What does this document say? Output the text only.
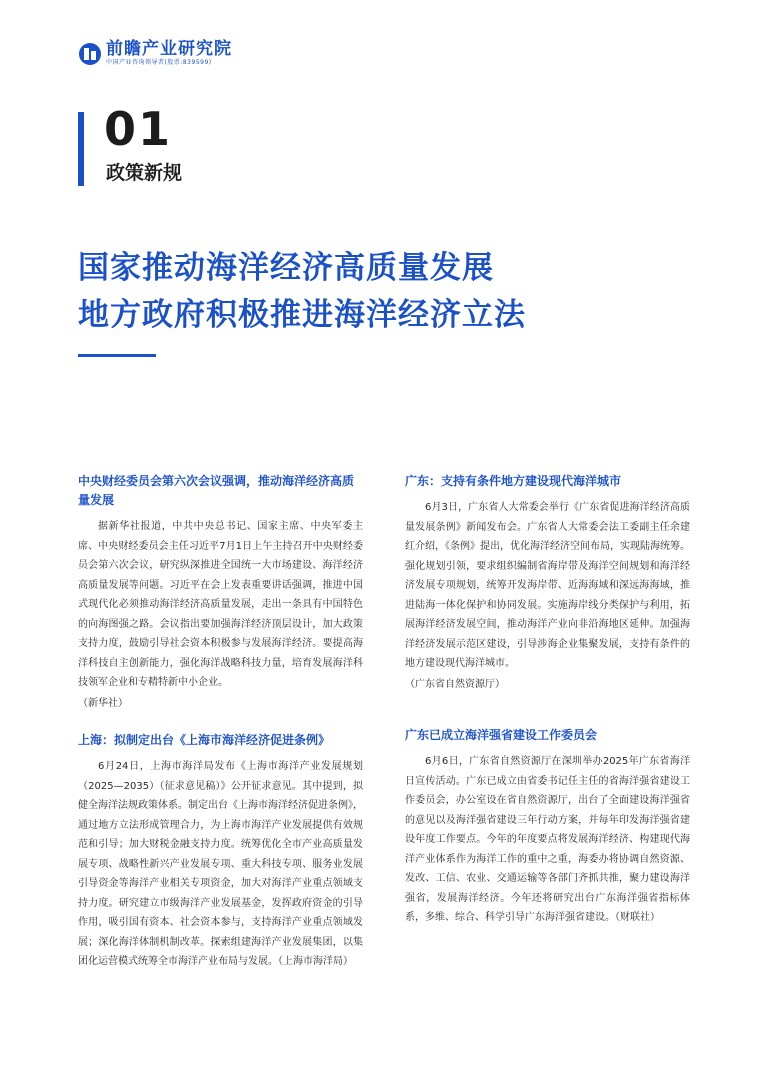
前瞻产业研究院
中国产业咨询领导者(股票:839599)
01
政策新规
国家推动海洋经济高质量发展
地方政府积极推进海洋经济立法
中央财经委员会第六次会议强调，推动海洋经济高质量发展
据新华社报道，中共中央总书记、国家主席、中央军委主席、中央财经委员会主任习近平7月1日上午主持召开中央财经委员会第六次会议，研究纵深推进全国统一大市场建设、海洋经济高质量发展等问题。习近平在会上发表重要讲话强调，推进中国式现代化必须推动海洋经济高质量发展，走出一条具有中国特色的向海图强之路。会议指出要加强海洋经济顶层设计，加大政策支持力度，鼓励引导社会资本积极参与发展海洋经济。要提高海洋科技自主创新能力，强化海洋战略科技力量，培育发展海洋科技领军企业和专精特新中小企业。
（新华社）
上海：拟制定出台《上海市海洋经济促进条例》
6月24日，上海市海洋局发布《上海市海洋产业发展规划（2025—2035）（征求意见稿）》公开征求意见。其中提到，拟健全海洋法规政策体系。制定出台《上海市海洋经济促进条例》，通过地方立法形成管理合力，为上海市海洋产业发展提供有效规范和引导；加大财税金融支持力度。统筹优化全市产业高质量发展专项、战略性新兴产业发展专项、重大科技专项、服务业发展引导资金等海洋产业相关专项资金，加大对海洋产业重点领域支持力度。研究建立市级海洋产业发展基金，发挥政府资金的引导作用，吸引国有资本、社会资本参与，支持海洋产业重点领域发展；深化海洋体制机制改革。探索组建海洋产业发展集团，以集团化运营模式统筹全市海洋产业布局与发展。（上海市海洋局）
广东：支持有条件地方建设现代海洋城市
6月3日，广东省人大常委会举行《广东省促进海洋经济高质量发展条例》新闻发布会。广东省人大常委会法工委副主任余建红介绍，《条例》提出，优化海洋经济空间布局，实现陆海统筹。强化规划引领，要求组织编制省海岸带及海洋空间规划和海洋经济发展专项规划，统筹开发海岸带、近海海域和深远海海域，推进陆海一体化保护和协同发展。实施海岸线分类保护与利用，拓展海洋经济发展空间，推动海洋产业向非沿海地区延伸。加强海洋经济发展示范区建设，引导涉海企业集聚发展，支持有条件的地方建设现代海洋城市。
（广东省自然资源厅）
广东已成立海洋强省建设工作委员会
6月6日，广东省自然资源厅在深圳举办2025年广东省海洋日宣传活动。广东已成立由省委书记任主任的省海洋强省建设工作委员会，办公室设在省自然资源厅，出台了全面建设海洋强省的意见以及海洋强省建设三年行动方案，并每年印发海洋强省建设年度工作要点。今年的年度要点将发展海洋经济、构建现代海洋产业体系作为海洋工作的重中之重，海委办将协调自然资源、发改、工信、农业、交通运输等各部门齐抓共推，聚力建设海洋强省，发展海洋经济。今年还将研究出台广东海洋强省指标体系，多维、综合、科学引导广东海洋强省建设。（财联社）
